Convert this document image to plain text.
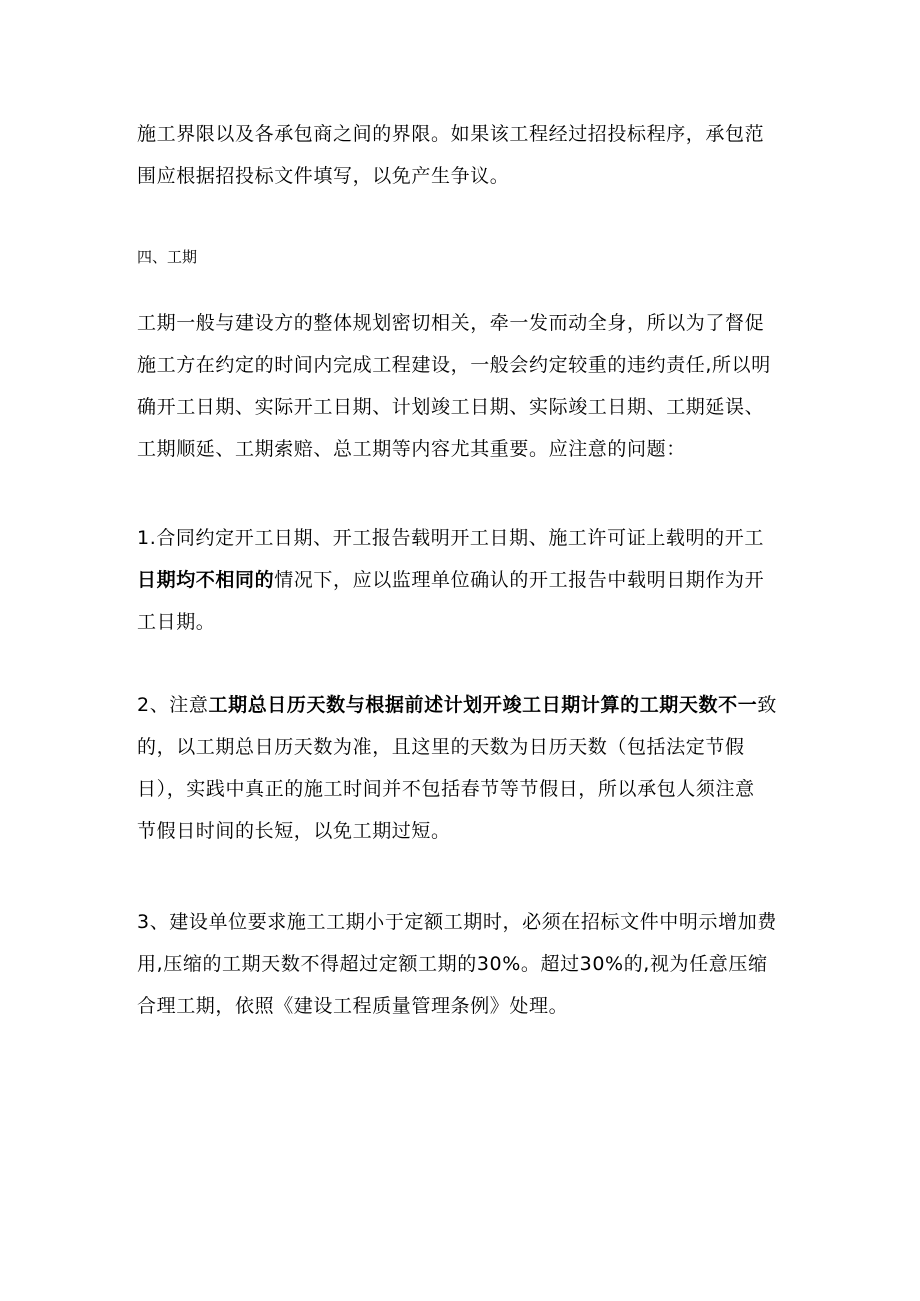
施工界限以及各承包商之间的界限。如果该工程经过招投标程序，承包范
围应根据招投标文件填写，以免产生争议。
四、工期
工期一般与建设方的整体规划密切相关，牵一发而动全身，所以为了督促
施工方在约定的时间内完成工程建设，一般会约定较重的违约责任,所以明
确开工日期、实际开工日期、计划竣工日期、实际竣工日期、工期延误、
工期顺延、工期索赔、总工期等内容尤其重要。应注意的问题：
1.合同约定开工日期、开工报告载明开工日期、施工许可证上载明的开工
日期均不相同的情况下，应以监理单位确认的开工报告中载明日期作为开
工日期。
2、注意工期总日历天数与根据前述计划开竣工日期计算的工期天数不一致
的，以工期总日历天数为准，且这里的天数为日历天数（包括法定节假
日），实践中真正的施工时间并不包括春节等节假日，所以承包人须注意
节假日时间的长短，以免工期过短。
3、建设单位要求施工工期小于定额工期时，必须在招标文件中明示增加费
用,压缩的工期天数不得超过定额工期的30%。超过30%的,视为任意压缩
合理工期，依照《建设工程质量管理条例》处理。
